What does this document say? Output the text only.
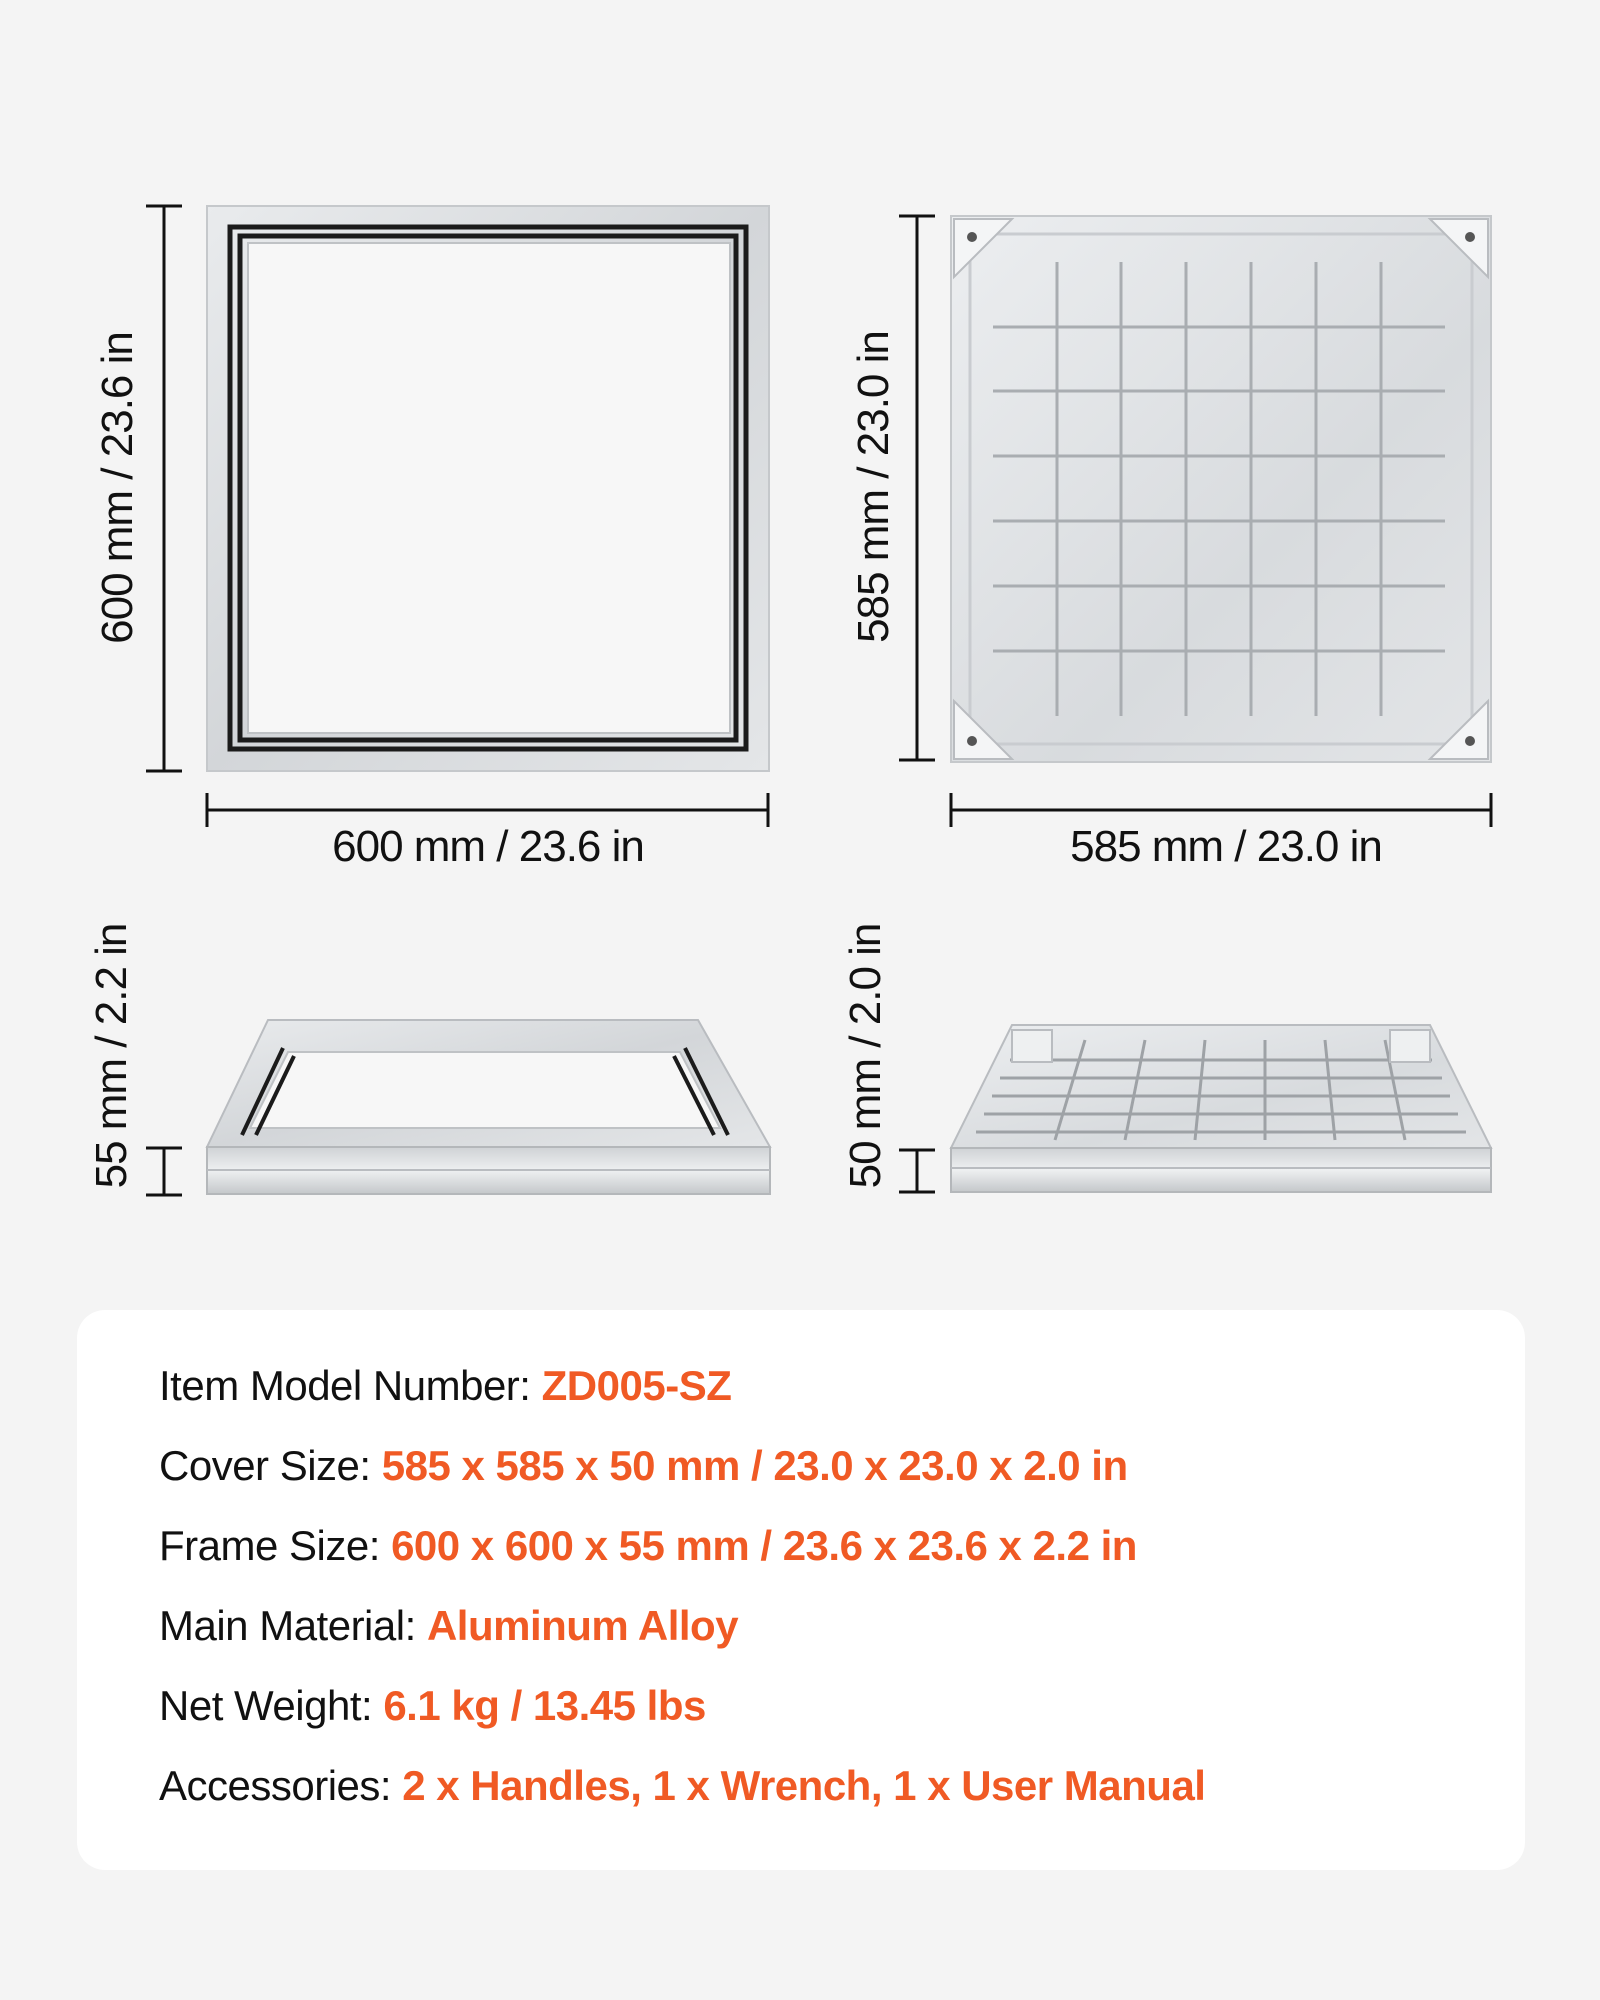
600 mm / 23.6 in
600 mm / 23.6 in
585 mm / 23.0 in
585 mm / 23.0 in
55 mm / 2.2 in	50 mm / 2.0 in
Item Model Number: ZD005-SZ
Cover Size: 585 x 585 x 50 mm / 23.0 x 23.0 x 2.0 in
Frame Size: 600 x 600 x 55 mm / 23.6 x 23.6 x 2.2 in
Main Material: Aluminum Alloy
Net Weight: 6.1 kg / 13.45 lbs
Accessories: 2 x Handles, 1 x Wrench, 1 x User Manual
